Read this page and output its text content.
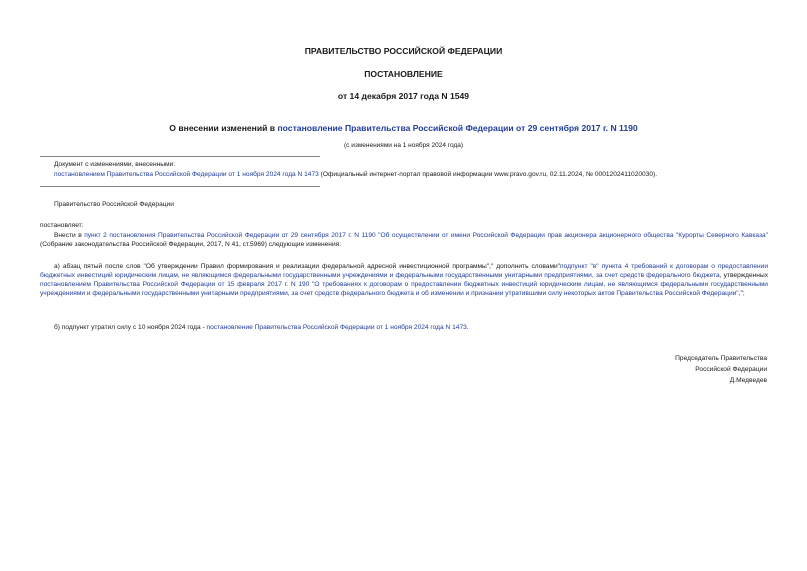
ПРАВИТЕЛЬСТВО РОССИЙСКОЙ ФЕДЕРАЦИИ
ПОСТАНОВЛЕНИЕ
от 14 декабря 2017 года N 1549
О внесении изменений в постановление Правительства Российской Федерации от 29 сентября 2017 г. N 1190
(с изменениями на 1 ноября 2024 года)
Документ с изменениями, внесенными:
постановлением Правительства Российской Федерации от 1 ноября 2024 года N 1473 (Официальный интернет-портал правовой информации www.pravo.gov.ru, 02.11.2024, № 0001202411020030).
Правительство Российской Федерации
постановляет:

Внести в пункт 2 постановления Правительства Российской Федерации от 29 сентября 2017 г. N 1190 "Об осуществлении от имени Российской Федерации прав акционера акционерного общества "Курорты Северного Кавказа" (Собрание законодательства Российской Федерации, 2017, N 41, ст.5969) следующие изменения:

а) абзац пятый после слов "Об утверждении Правил формирования и реализации федеральной адресной инвестиционной программы"," дополнить словами"подпункт "в" пункта 4 требований к договорам о предоставлении бюджетных инвестиций юридическим лицам, не являющимся федеральными государственными учреждениями и федеральными государственными унитарными предприятиями, за счет средств федерального бюджета, утвержденных постановлением Правительства Российской Федерации от 15 февраля 2017 г. N 190 "О требованиях к договорам о предоставлении бюджетных инвестиций юридическим лицам, не являющимся федеральными государственными учреждениями и федеральными государственными унитарными предприятиями, за счет средств федерального бюджета и об изменении и признании утратившими силу некоторых актов Правительства Российской Федерации",";

б) подпункт утратил силу с 10 ноября 2024 года - постановление Правительства Российской Федерации от 1 ноября 2024 года N 1473.

Председатель Правительства
Российской Федерации
Д.Медведев
